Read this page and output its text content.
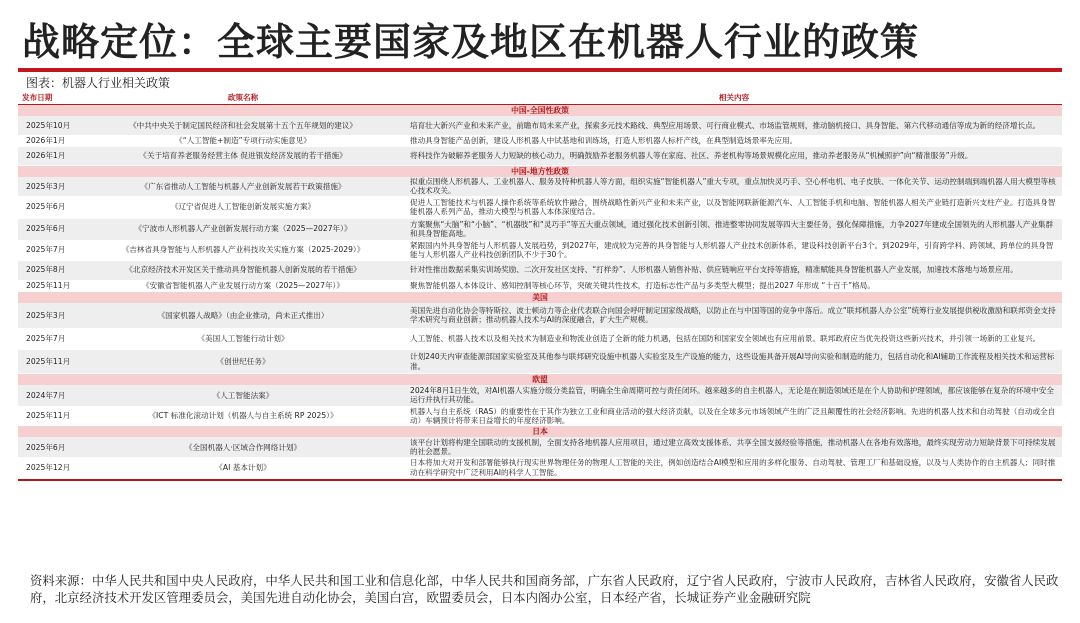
战略定位：全球主要国家及地区在机器人行业的政策
图表：机器人行业相关政策
发布日期	政策名称	相关内容
中国-全国性政策		
2025年10月	《中共中央关于制定国民经济和社会发展第十五个五年规划的建议》	培育壮大新兴产业和未来产业，前瞻布局未来产业，探索多元技术路线、典型应用场景、可行商业模式、市场监管规则，推动脑机接口、具身智能、第六代移动通信等成为新的经济增长点。
2026年1月	《“人工智能+制造”专项行动实施意见》	推动具身智能产品创新，建设人形机器人中试基地和训练场，打造人形机器人标杆产线，在典型制造场景率先应用。
2026年1月	《关于培育养老服务经营主体 促进银发经济发展的若干措施》	将科技作为破解养老服务人力短缺的核心动力，明确鼓励养老服务机器人等在家庭、社区、养老机构等场景规模化应用，推动养老服务从“机械照护”向“精准服务”升级。
中国-地方性政策		
2025年3月	《广东省推动人工智能与机器人产业创新发展若干政策措施》	拟重点围绕人形机器人、工业机器人、服务及特种机器人等方面，组织实施“智能机器人”重大专项，重点加快灵巧手、空心杯电机、电子皮肤、一体化关节、运动控制端到端机器人用大模型等核心技术攻关。
2025年6月	《辽宁省促进人工智能创新发展实施方案》	促进人工智能技术与机器人操作系统等系统软件融合，围绕战略性新兴产业和未来产业，以及智能网联新能源汽车、人工智能手机和电脑、智能机器人相关产业链打造新兴支柱产业。打造具身智能机器人系列产品，推动大模型与机器人本体深度结合。
2025年6月	《宁波市人形机器人产业创新发展行动方案（2025—2027年）》	方案聚焦“大脑”和“小脑”、“机器肢”和“灵巧手”等五大重点领域，通过强化技术创新引领、推进整零协同发展等四大主要任务，强化保障措施，力争2027年建成全国领先的人形机器人产业集群和具身智能高地。
2025年7月	《吉林省具身智能与人形机器人产业科技攻关实施方案（2025-2029）》	紧跟国内外具身智能与人形机器人发展趋势，到2027年，建成较为完善的具身智能与人形机器人产业技术创新体系，建设科技创新平台3个。到2029年，引育跨学科、跨领域、跨单位的具身智能与人形机器人产业科技创新团队不少于30个。
2025年8月	《北京经济技术开发区关于推动具身智能机器人创新发展的若干措施》	针对性推出数据采集实训场奖励、二次开发社区支持、“打样券”、人形机器人销售补贴、供应链响应平台支持等措施，精准赋能具身智能机器人产业发展，加速技术落地与场景应用。
2025年11月	《安徽省智能机器人产业发展行动方案（2025—2027年）》	聚焦智能机器人本体设计、感知控制等核心环节，突破关键共性技术，打造标志性产品与多类型大模型；提出2027 年形成 “十百千”格局。
美国		
2025年3月	《国家机器人战略》（由企业推动，尚未正式推出）	美国先进自动化协会等特斯拉、波士顿动力等企业代表联合向国会呼吁制定国家级战略，以防止在与中国等国的竞争中落后。成立“联邦机器人办公室”统筹行业发展提供税收激励和联邦资金支持学术研究与商业创新；推动机器人技术与AI的深度融合，扩大生产规模。
2025年7月	《美国人工智能行动计划》	人工智能、机器人技术以及相关技术为制造业和物流业创造了全新的能力机遇，包括在国防和国家安全领域也有应用前景。联邦政府应当优先投资这些新兴技术，并引领一场新的工业复兴。
2025年11月	《创世纪任务》	计划240天内审查能源部国家实验室及其他参与联邦研究设施中机器人实验室及生产设施的能力，这些设施具备开展AI导向实验和制造的能力，包括自动化和AI辅助工作流程及相关技术和运营标准。
欧盟		
2024年7月	《人工智能法案》	2024年8月1日生效，对AI机器人实施分级分类监管，明确全生命周期可控与责任闭环。越来越多的自主机器人，无论是在制造领域还是在个人协助和护理领域，都应该能够在复杂的环境中安全运行并执行其功能。
2025年11月	《ICT 标准化滚动计划（机器人与自主系统 RP 2025）》	机器人与自主系统（RAS）的重要性在于其作为独立工业和商业活动的强大经济贡献，以及在全球多元市场领域产生的广泛且颠覆性的社会经济影响。先进的机器人技术和自动驾驶（自动或全自动）车辆预计将带来日益增长的年度经济影响。
日本		
2025年6月	《全国机器人·区域合作网络计划》	该平台计划将构建全国联动的支援机制，全面支持各地机器人应用项目，通过建立高效支援体系、共享全国支援经验等措施，推动机器人在各地有效落地，最终实现劳动力短缺背景下可持续发展的社会愿景。
2025年12月	《AI 基本计划》	日本将加大对开发和部署能够执行现实世界物理任务的物理人工智能的关注，例如创造结合AI模型和应用的多样化服务、自动驾驶、管理工厂和基础设施，以及与人类协作的自主机器人；同时推动在科学研究中广泛利用AI的科学人工智能。
资料来源：中华人民共和国中央人民政府，中华人民共和国工业和信息化部，中华人民共和国商务部，广东省人民政府，辽宁省人民政府，宁波市人民政府，吉林省人民政府，安徽省人民政府，北京经济技术开发区管理委员会，美国先进自动化协会，美国白宫，欧盟委员会，日本内阁办公室，日本经产省，长城证券产业金融研究院
